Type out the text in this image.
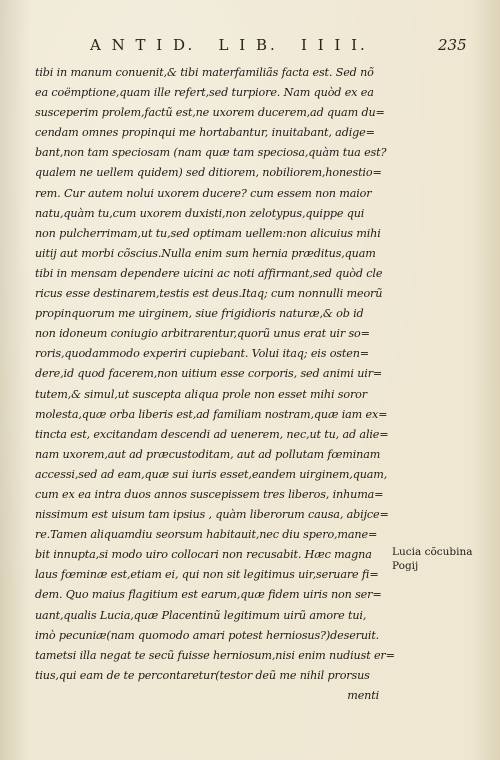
A N T I D.   L I B.   I I I I.	235
tibi in manum conuenit,& tibi materfamiliãs facta est. Sed nõ
ea coëmptione,quam ille refert,sed turpiore. Nam quòd ex ea
susceperim prolem,factũ est,ne uxorem ducerem,ad quam du=
cendam omnes propinqui me hortabantur, inuitabant, adige=
bant,non tam speciosam (nam quæ tam speciosa,quàm tua est?
qualem ne uellem quidem) sed ditiorem, nobiliorem,honestio=
rem. Cur autem nolui uxorem ducere? cum essem non maior
natu,quàm tu,cum uxorem duxisti,non zelotypus,quippe qui
non pulcherrimam,ut tu,sed optimam uellem:non alicuius mihi
uitij aut morbi cõscius.Nulla enim sum hernia præditus,quam
tibi in mensam dependere uicini ac noti affirmant,sed quòd cle
ricus esse destinarem,testis est deus.Itaq; cum nonnulli meorũ
propinquorum me uirginem, siue frigidioris naturæ,& ob id
non idoneum coniugio arbitrarentur,quorũ unus erat uir so=
roris,quodammodo experiri cupiebant. Volui itaq; eis osten=
dere,id quod facerem,non uitium esse corporis, sed animi uir=
tutem,& simul,ut suscepta aliqua prole non esset mihi soror
molesta,quæ orba liberis est,ad familiam nostram,quæ iam ex=
tincta est, excitandam descendi ad uenerem, nec,ut tu, ad alie=
nam uxorem,aut ad præcustoditam, aut ad pollutam fœminam
accessi,sed ad eam,quæ sui iuris esset,eandem uirginem,quam,
cum ex ea intra duos annos suscepissem tres liberos, inhuma=
nissimum est uisum tam ipsius , quàm liberorum causa, abijce=
re.Tamen aliquamdiu seorsum habitauit,nec diu spero,mane=
bit innupta,si modo uiro collocari non recusabit. Hæc magna
laus fœminæ est,etiam ei, qui non sit legitimus uir,seruare fi=
dem. Quo maius flagitium est earum,quæ fidem uiris non ser=
uant,qualis Lucia,quæ Placentinũ legitimum uirũ amore tui,
imò pecuniæ(nam quomodo amari potest herniosus?)deseruit.
tametsi illa negat te secũ fuisse herniosum,nisi enim nudiust er=
tius,qui eam de te percontaretur(testor deũ me nihil prorsus
menti
Lucia cõcubina
Pogij
